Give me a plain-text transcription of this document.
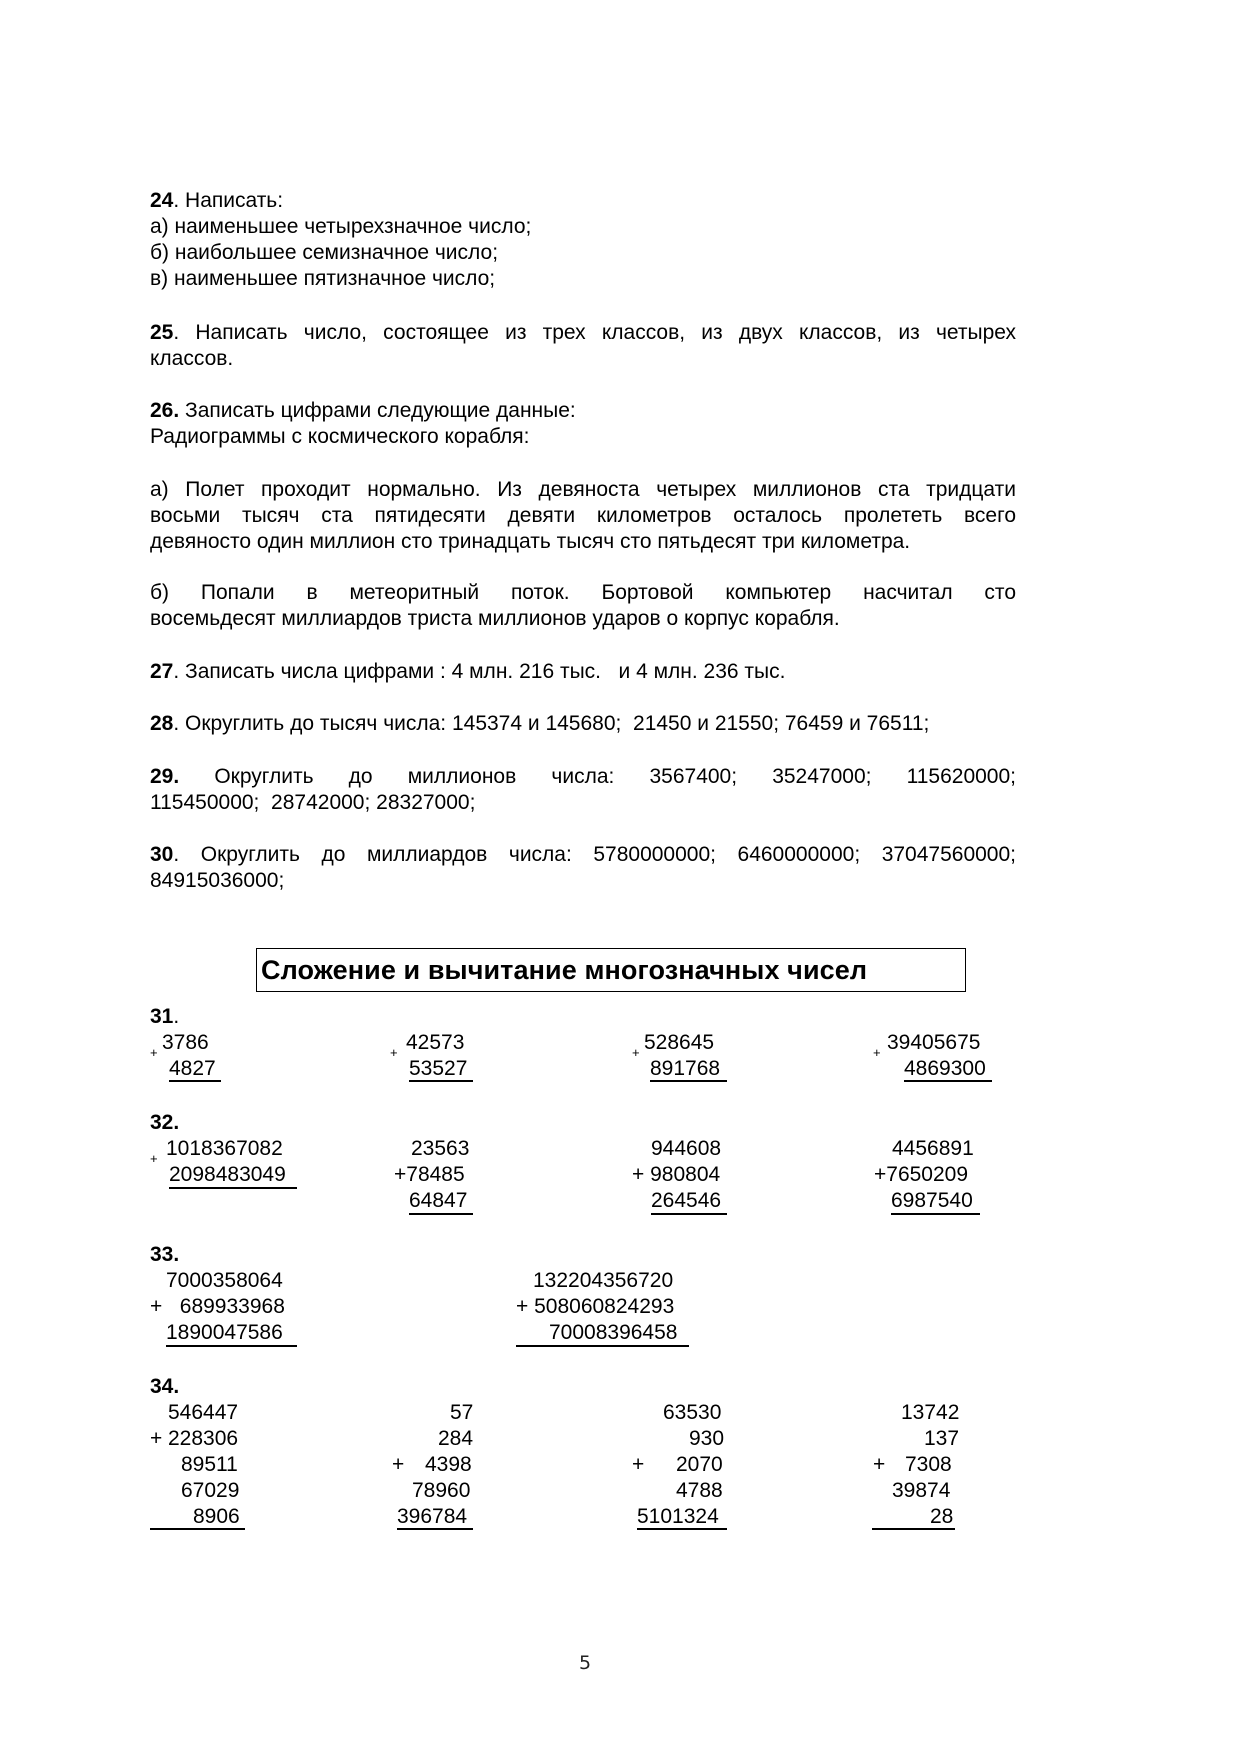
24. Написать:
а) наименьшее четырехзначное число;
б) наибольшее семизначное число;
в) наименьшее пятизначное число;
25. Написать число, состоящее из трех классов, из двух классов, из четырех
классов.
26. Записать цифрами следующие данные:
Радиограммы с космического корабля:
а) Полет проходит нормально. Из девяноста четырех миллионов ста тридцати
восьми тысяч ста пятидесяти девяти километров осталось пролететь всего
девяносто один миллион сто тринадцать тысяч сто пятьдесят три километра.
б) Попали в метеоритный поток. Бортовой компьютер насчитал сто
восемьдесят миллиардов триста миллионов ударов о корпус корабля.
27. Записать числа цифрами : 4 млн. 216 тыс.   и 4 млн. 236 тыс.
28. Округлить до тысяч числа: 145374 и 145680;  21450 и 21550; 76459 и 76511;
29. Округлить до миллионов числа: 3567400; 35247000; 115620000;
115450000;  28742000; 28327000;
30. Округлить до миллиардов числа: 5780000000; 6460000000; 37047560000;
84915036000;
Сложение и вычитание многозначных чисел
31.
+ 3786
4827
+ 42573
53527
+ 528645
891768
+ 39405675
4869300
32.
+ 1018367082
2098483049
23563
+78485
64847
944608
+ 980804
264546
4456891
+7650209
6987540
33.
7000358064
+   689933968
1890047586
132204356720
+ 508060824293
70008396458
34.
+
546447
228306
89511
67029
8906
+
57
284
4398
78960
396784
+
63530
930
2070
4788
5101324
+
13742
137
7308
39874
28
5
